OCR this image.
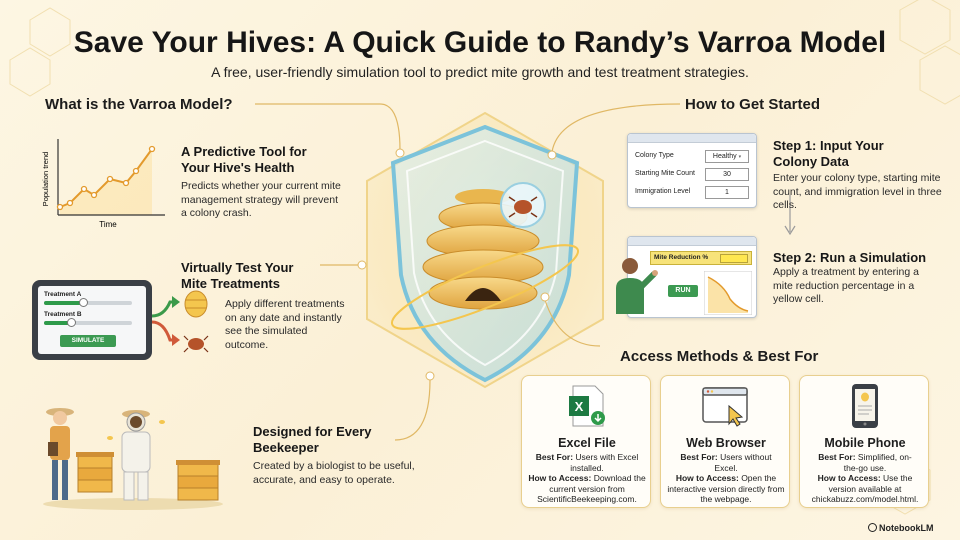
Save Your Hives: A Quick Guide to Randy’s Varroa Model
A free, user-friendly simulation tool to predict mite growth and test treatment strategies.
What is the Varroa Model?
Population trend
Time
A Predictive Tool for
Your Hive's Health
Predicts whether your current mite management strategy will prevent a colony crash.
Virtually Test Your
Mite Treatments
Apply different treatments on any date and instantly see the simulated outcome.
Treatment A
Treatment B
SIMULATE
Designed for Every
Beekeeper
Created by a biologist to be useful, accurate, and easy to operate.
How to Get Started
Colony Type	Healthy ▾
Starting Mite Count	30
Immigration Level	1
Step 1: Input Your
Colony Data
Enter your colony type, starting mite count, and immigration level in three cells.
Mite Reduction %
RUN
Step 2: Run a Simulation
Apply a treatment by entering a mite reduction percentage in a yellow cell.
Access Methods & Best For
X
Excel File
Best For: Users with Excel installed.
How to Access: Download the current version from ScientificBeekeeping.com.
Web Browser
Best For: Users without Excel.
How to Access: Open the interactive version directly from the webpage.
Mobile Phone
Best For: Simplified, on-the-go use.
How to Access: Use the version available at chickabuzz.com/model.html.
NotebookLM
